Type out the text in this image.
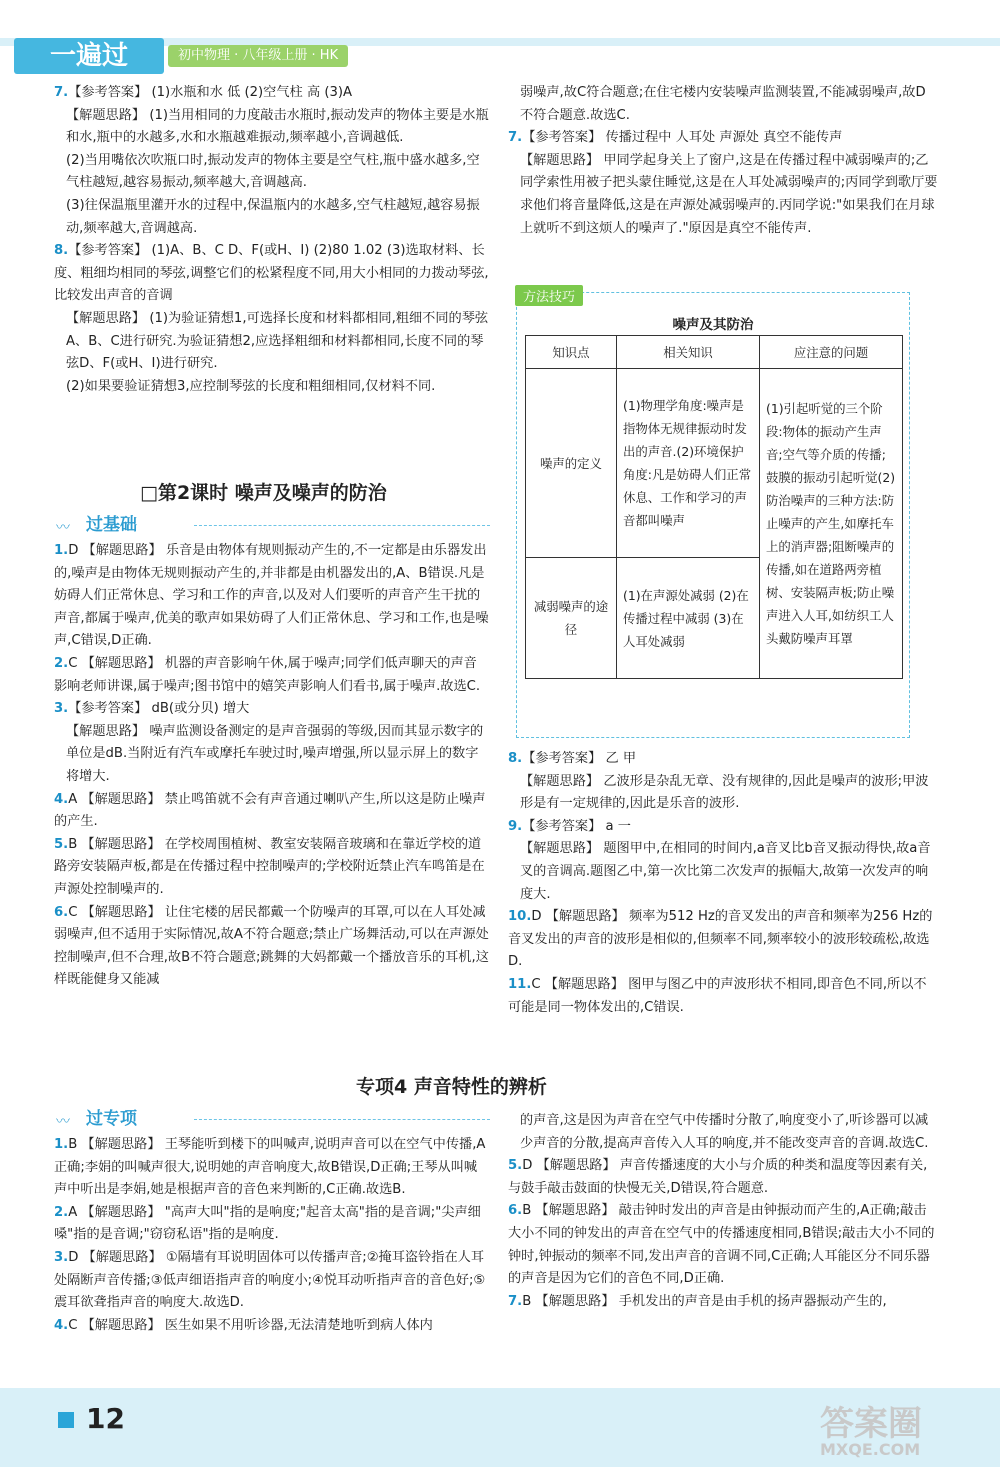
一遍过	初中物理 · 八年级上册 · HK

7.【参考答案】 (1)水瓶和水 低 (2)空气柱 高 (3)A

【解题思路】 (1)当用相同的力度敲击水瓶时,振动发声的物体主要是水瓶和水,瓶中的水越多,水和水瓶越难振动,频率越小,音调越低.

(2)当用嘴依次吹瓶口时,振动发声的物体主要是空气柱,瓶中盛水越多,空气柱越短,越容易振动,频率越大,音调越高.

(3)往保温瓶里灌开水的过程中,保温瓶内的水越多,空气柱越短,越容易振动,频率越大,音调越高.

8.【参考答案】 (1)A、B、C D、F(或H、I) (2)80 1.02 (3)选取材料、长度、粗细均相同的琴弦,调整它们的松紧程度不同,用大小相同的力拨动琴弦,比较发出声音的音调

【解题思路】 (1)为验证猜想1,可选择长度和材料都相同,粗细不同的琴弦A、B、C进行研究.为验证猜想2,应选择粗细和材料都相同,长度不同的琴弦D、F(或H、I)进行研究.

(2)如果要验证猜想3,应控制琴弦的长度和粗细相同,仅材料不同.

□第2课时 噪声及噪声的防治
〰 过基础

1.D 【解题思路】 乐音是由物体有规则振动产生的,不一定都是由乐器发出的,噪声是由物体无规则振动产生的,并非都是由机器发出的,A、B错误.凡是妨碍人们正常休息、学习和工作的声音,以及对人们要听的声音产生干扰的声音,都属于噪声,优美的歌声如果妨碍了人们正常休息、学习和工作,也是噪声,C错误,D正确.

2.C 【解题思路】 机器的声音影响午休,属于噪声;同学们低声聊天的声音影响老师讲课,属于噪声;图书馆中的嬉笑声影响人们看书,属于噪声.故选C.

3.【参考答案】 dB(或分贝) 增大

【解题思路】 噪声监测设备测定的是声音强弱的等级,因而其显示数字的单位是dB.当附近有汽车或摩托车驶过时,噪声增强,所以显示屏上的数字将增大.

4.A 【解题思路】 禁止鸣笛就不会有声音通过喇叭产生,所以这是防止噪声的产生.

5.B 【解题思路】 在学校周围植树、教室安装隔音玻璃和在靠近学校的道路旁安装隔声板,都是在传播过程中控制噪声的;学校附近禁止汽车鸣笛是在声源处控制噪声的.

6.C 【解题思路】 让住宅楼的居民都戴一个防噪声的耳罩,可以在人耳处减弱噪声,但不适用于实际情况,故A不符合题意;禁止广场舞活动,可以在声源处控制噪声,但不合理,故B不符合题意;跳舞的大妈都戴一个播放音乐的耳机,这样既能健身又能减

弱噪声,故C符合题意;在住宅楼内安装噪声监测装置,不能减弱噪声,故D不符合题意.故选C.

7.【参考答案】 传播过程中 人耳处 声源处 真空不能传声

【解题思路】 甲同学起身关上了窗户,这是在传播过程中减弱噪声的;乙同学索性用被子把头蒙住睡觉,这是在人耳处减弱噪声的;丙同学到歌厅要求他们将音量降低,这是在声源处减弱噪声的.丙同学说:"如果我们在月球上就听不到这烦人的噪声了."原因是真空不能传声.

方法技巧
噪声及其防治
知识点	相关知识	应注意的问题
噪声的定义	(1)物理学角度:噪声是指物体无规律振动时发出的声音.(2)环境保护角度:凡是妨碍人们正常休息、工作和学习的声音都叫噪声	(1)引起听觉的三个阶段:物体的振动产生声音;空气等介质的传播;鼓膜的振动引起听觉(2)防治噪声的三种方法:防止噪声的产生,如摩托车上的消声器;阻断噪声的传播,如在道路两旁植树、安装隔声板;防止噪声进入人耳,如纺织工人头戴防噪声耳罩
减弱噪声的途径	(1)在声源处减弱 (2)在传播过程中减弱 (3)在人耳处减弱	

8.【参考答案】 乙 甲

【解题思路】 乙波形是杂乱无章、没有规律的,因此是噪声的波形;甲波形是有一定规律的,因此是乐音的波形.

9.【参考答案】 a 一

【解题思路】 题图甲中,在相同的时间内,a音叉比b音叉振动得快,故a音叉的音调高.题图乙中,第一次比第二次发声的振幅大,故第一次发声的响度大.

10.D 【解题思路】 频率为512 Hz的音叉发出的声音和频率为256 Hz的音叉发出的声音的波形是相似的,但频率不同,频率较小的波形较疏松,故选D.

11.C 【解题思路】 图甲与图乙中的声波形状不相同,即音色不同,所以不可能是同一物体发出的,C错误.

专项4 声音特性的辨析
〰 过专项

1.B 【解题思路】 王琴能听到楼下的叫喊声,说明声音可以在空气中传播,A正确;李娟的叫喊声很大,说明她的声音响度大,故B错误,D正确;王琴从叫喊声中听出是李娟,她是根据声音的音色来判断的,C正确.故选B.

2.A 【解题思路】 "高声大叫"指的是响度;"起音太高"指的是音调;"尖声细嗓"指的是音调;"窃窃私语"指的是响度.

3.D 【解题思路】 ①隔墙有耳说明固体可以传播声音;②掩耳盗铃指在人耳处隔断声音传播;③低声细语指声音的响度小;④悦耳动听指声音的音色好;⑤震耳欲聋指声音的响度大.故选D.

4.C 【解题思路】 医生如果不用听诊器,无法清楚地听到病人体内

的声音,这是因为声音在空气中传播时分散了,响度变小了,听诊器可以减少声音的分散,提高声音传入人耳的响度,并不能改变声音的音调.故选C.

5.D 【解题思路】 声音传播速度的大小与介质的种类和温度等因素有关,与鼓手敲击鼓面的快慢无关,D错误,符合题意.

6.B 【解题思路】 敲击钟时发出的声音是由钟振动而产生的,A正确;敲击大小不同的钟发出的声音在空气中的传播速度相同,B错误;敲击大小不同的钟时,钟振动的频率不同,发出声音的音调不同,C正确;人耳能区分不同乐器的声音是因为它们的音色不同,D正确.

7.B 【解题思路】 手机发出的声音是由手机的扬声器振动产生的,

12	答案圈
MXQE.COM
